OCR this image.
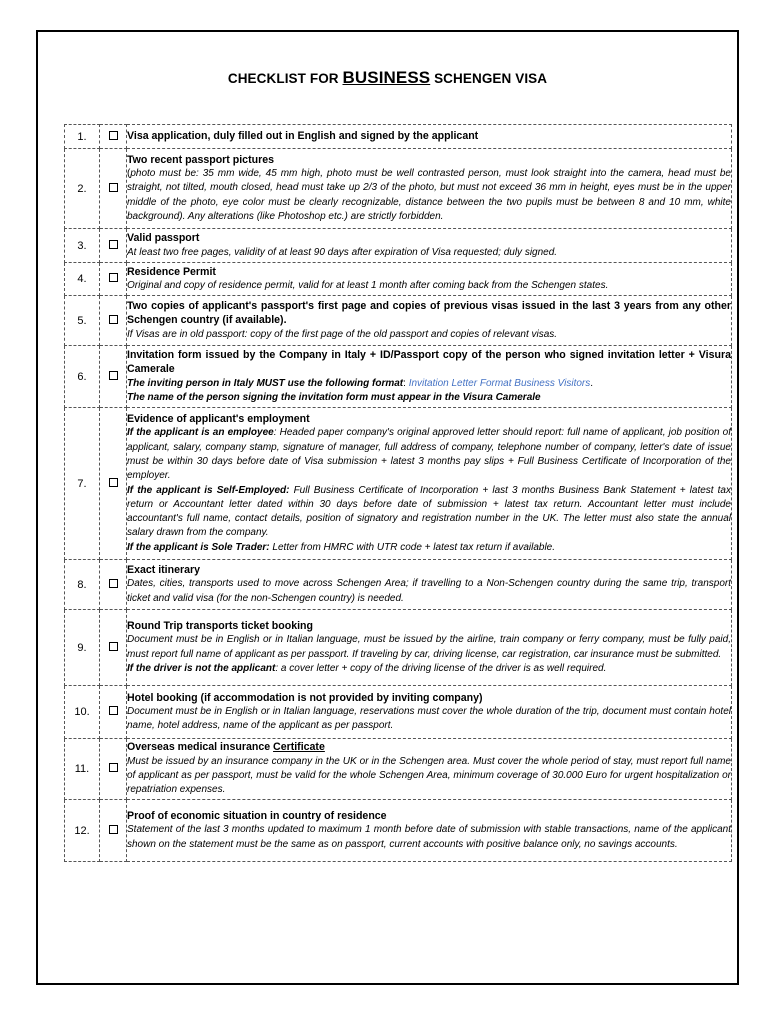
CHECKLIST FOR BUSINESS SCHENGEN VISA
1.		Visa application, duly filled out in English and signed by the applicant

2.		Two recent passport pictures
(photo must be: 35 mm wide, 45 mm high, photo must be well contrasted person, must look straight into the camera, head must be straight, not tilted, mouth closed, head must take up 2/3 of the photo, but must not exceed 36 mm in height, eyes must be in the upper middle of the photo, eye color must be clearly recognizable, distance between the two pupils must be between 8 and 10 mm, white background). Any alterations (like Photoshop etc.) are strictly forbidden.

3.		Valid passport
At least two free pages, validity of at least 90 days after expiration of Visa requested; duly signed.

4.		Residence Permit
Original and copy of residence permit, valid for at least 1 month after coming back from the Schengen states.

5.		Two copies of applicant's passport's first page and copies of previous visas issued in the last 3 years from any other Schengen country (if available).
If Visas are in old passport: copy of the first page of the old passport and copies of relevant visas.

6.		Invitation form issued by the Company in Italy + ID/Passport copy of the person who signed invitation letter + Visura Camerale
The inviting person in Italy MUST use the following format: Invitation Letter Format Business Visitors.
The name of the person signing the invitation form must appear in the Visura Camerale

7.		Evidence of applicant's employment
If the applicant is an employee: Headed paper company's original approved letter should report: full name of applicant, job position of applicant, salary, company stamp, signature of manager, full address of company, telephone number of company, letter's date of issue must be within 30 days before date of Visa submission + latest 3 months pay slips + Full Business Certificate of Incorporation of the employer.
If the applicant is Self-Employed: Full Business Certificate of Incorporation + last 3 months Business Bank Statement + latest tax return or Accountant letter dated within 30 days before date of submission + latest tax return. Accountant letter must include accountant's full name, contact details, position of signatory and registration number in the UK. The letter must also state the annual salary drawn from the company.
If the applicant is Sole Trader: Letter from HMRC with UTR code + latest tax return if available.

8.		Exact itinerary
Dates, cities, transports used to move across Schengen Area; if travelling to a Non-Schengen country during the same trip, transport ticket and valid visa (for the non-Schengen country) is needed.

9.		Round Trip transports ticket booking
Document must be in English or in Italian language, must be issued by the airline, train company or ferry company, must be fully paid, must report full name of applicant as per passport. If traveling by car, driving license, car registration, car insurance must be submitted.
If the driver is not the applicant: a cover letter + copy of the driving license of the driver is as well required.

10.		Hotel booking (if accommodation is not provided by inviting company)
Document must be in English or in Italian language, reservations must cover the whole duration of the trip, document must contain hotel name, hotel address, name of the applicant as per passport.

11.		Overseas medical insurance Certificate
Must be issued by an insurance company in the UK or in the Schengen area. Must cover the whole period of stay, must report full name of applicant as per passport, must be valid for the whole Schengen Area, minimum coverage of 30.000 Euro for urgent hospitalization or repatriation expenses.

12.		Proof of economic situation in country of residence
Statement of the last 3 months updated to maximum 1 month before date of submission with stable transactions, name of the applicant shown on the statement must be the same as on passport, current accounts with positive balance only, no savings accounts.
